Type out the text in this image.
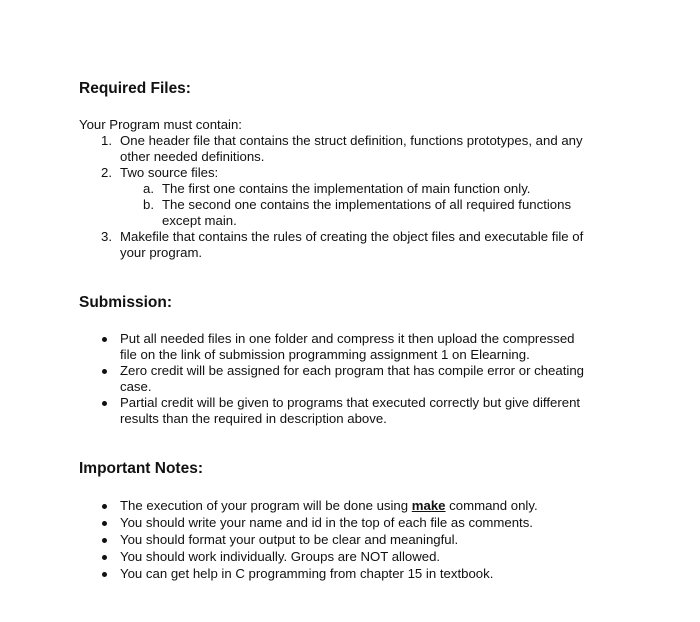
Required Files:
Your Program must contain:
1. One header file that contains the struct definition, functions prototypes, and any
other needed definitions.
2. Two source files:
a. The first one contains the implementation of main function only.
b. The second one contains the implementations of all required functions
except main.
3. Makefile that contains the rules of creating the object files and executable file of
your program.
Submission:
Put all needed files in one folder and compress it then upload the compressed
file on the link of submission programming assignment 1 on Elearning.
Zero credit will be assigned for each program that has compile error or cheating
case.
Partial credit will be given to programs that executed correctly but give different
results than the required in description above.
Important Notes:
The execution of your program will be done using make command only.
You should write your name and id in the top of each file as comments.
You should format your output to be clear and meaningful.
You should work individually. Groups are NOT allowed.
You can get help in C programming from chapter 15 in textbook.
